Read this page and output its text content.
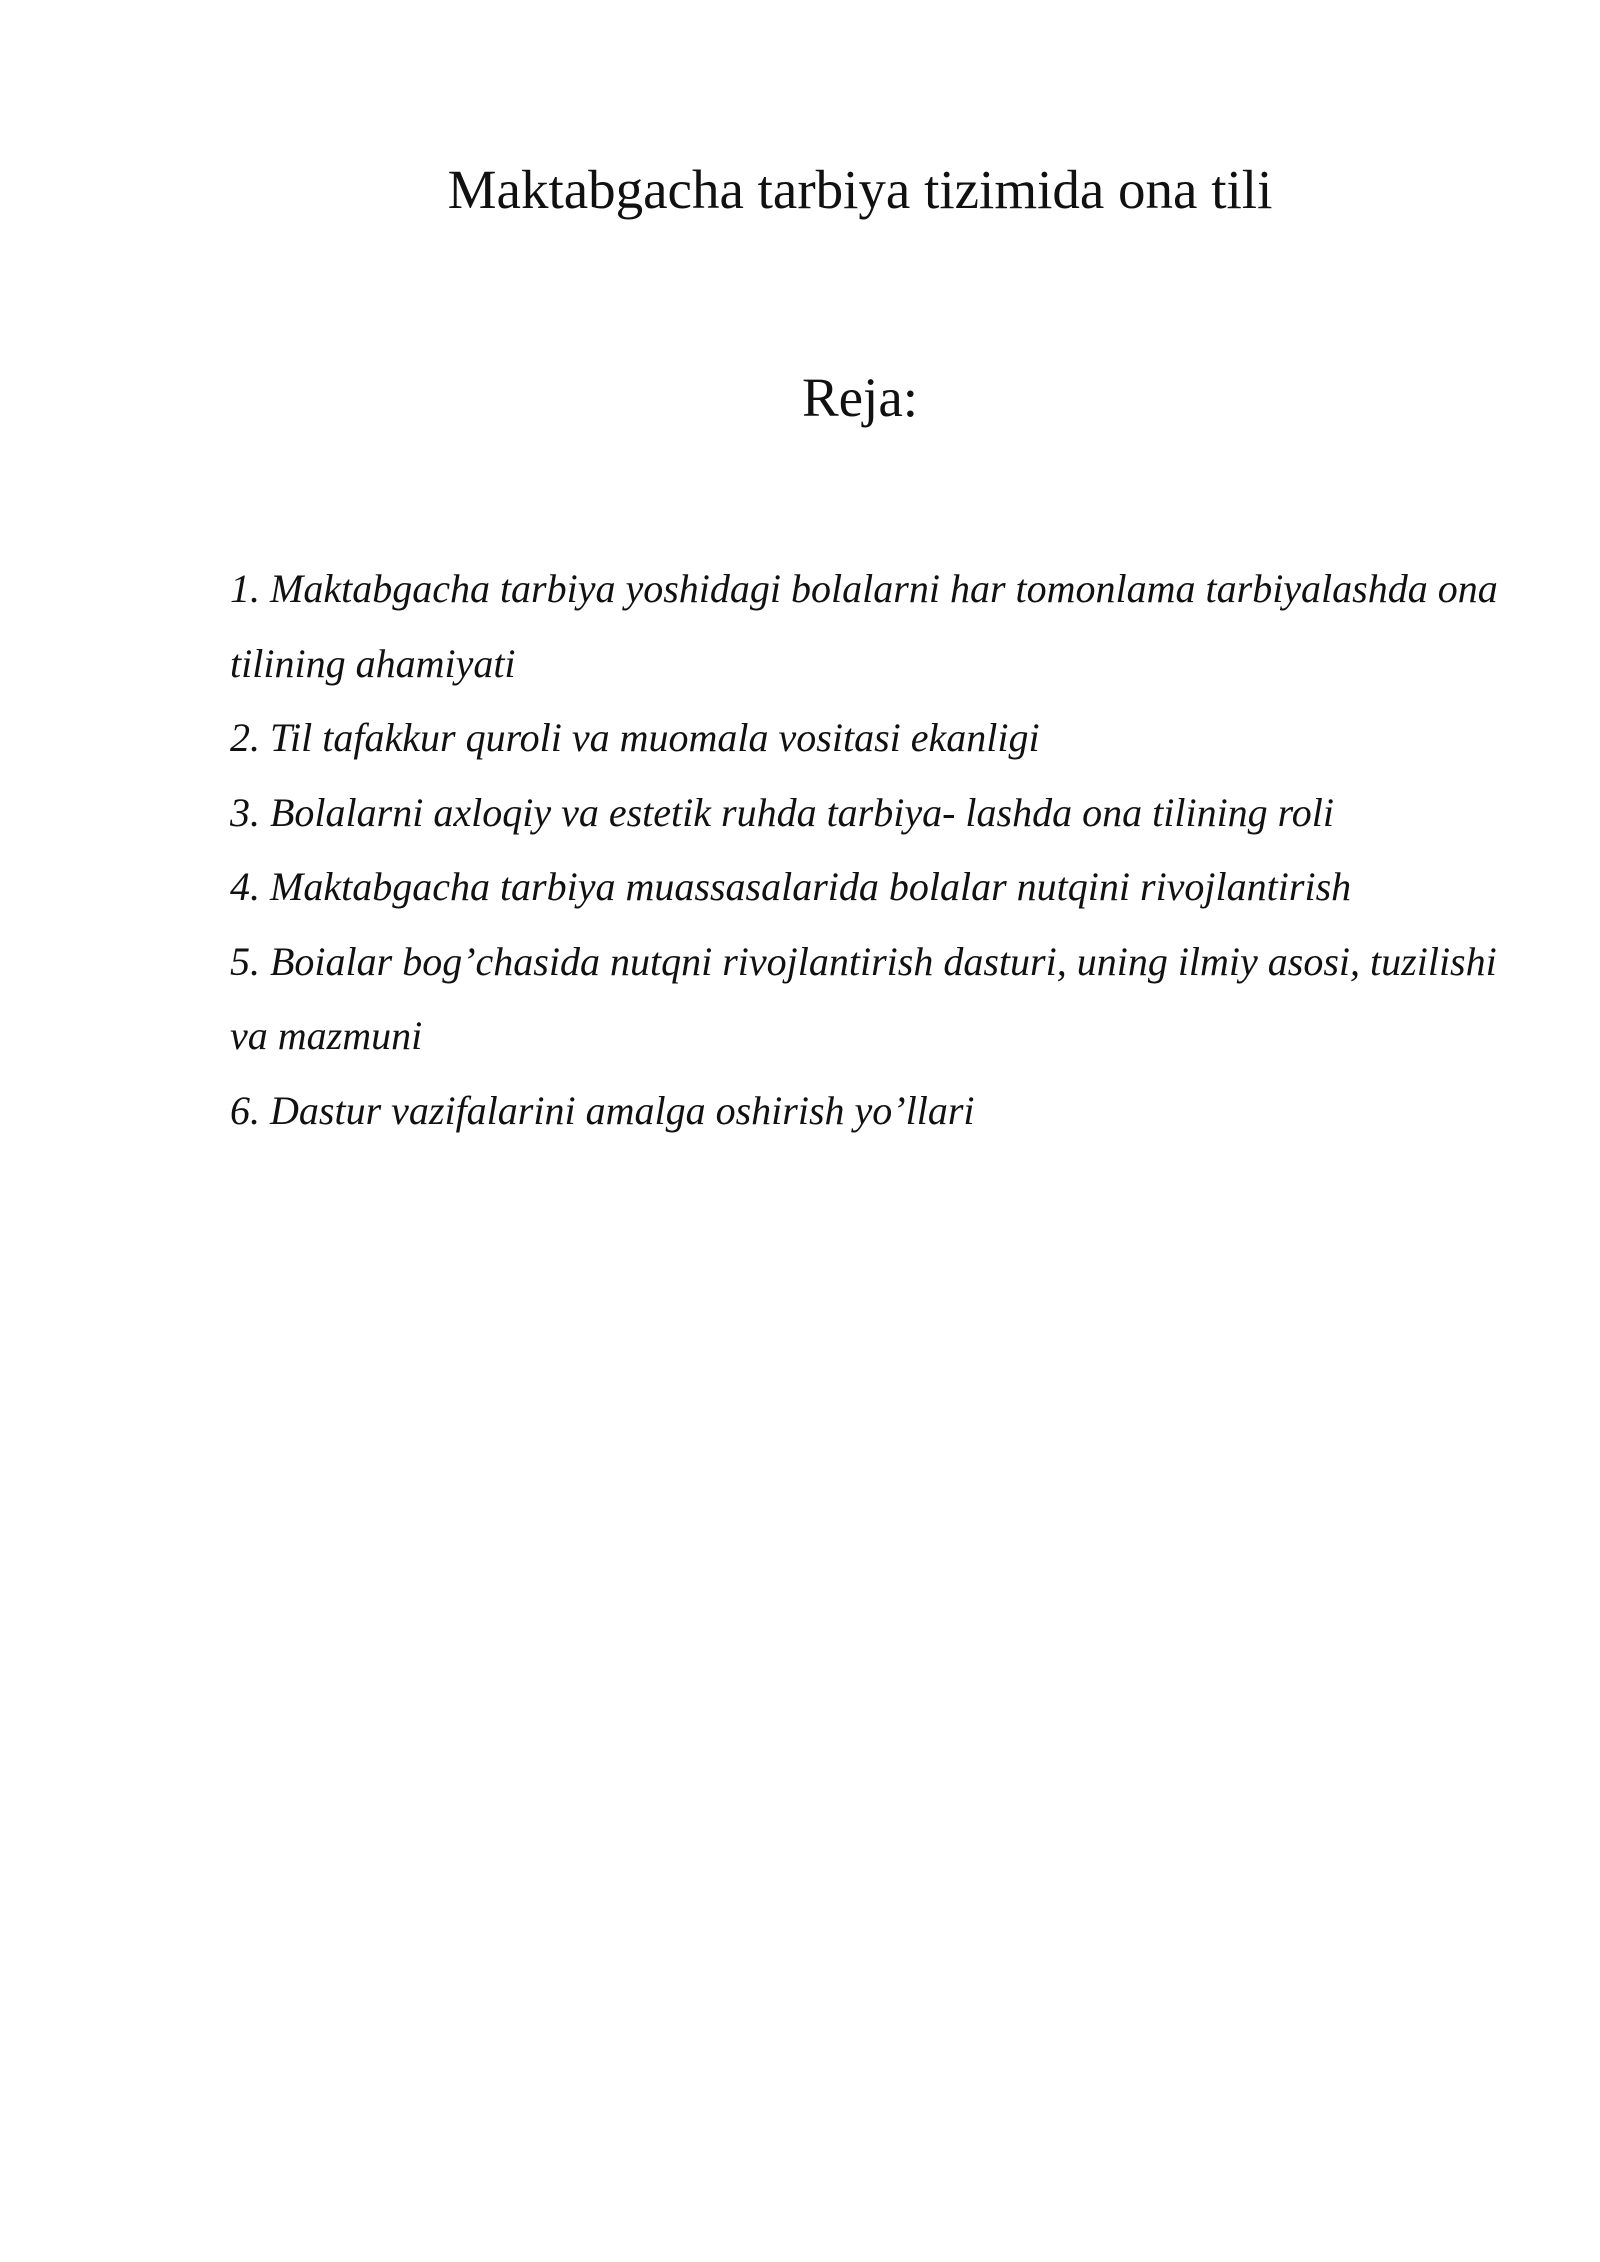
Maktabgacha tarbiya tizimida ona tili
Reja:
1. Maktabgacha tarbiya yoshidagi bolalarni har tomonlama tarbiyalashda ona tilining ahamiyati
2. Til tafakkur quroli va muomala vositasi ekanligi
3. Bolalarni axloqiy va estetik ruhda tarbiya- lashda ona tilining roli
4. Maktabgacha tarbiya muassasalarida bolalar nutqini rivojlantirish
5. Boialar bog’chasida nutqni rivojlantirish dasturi, uning ilmiy asosi, tuzilishi va mazmuni
6. Dastur vazifalarini amalga oshirish yo’llari
